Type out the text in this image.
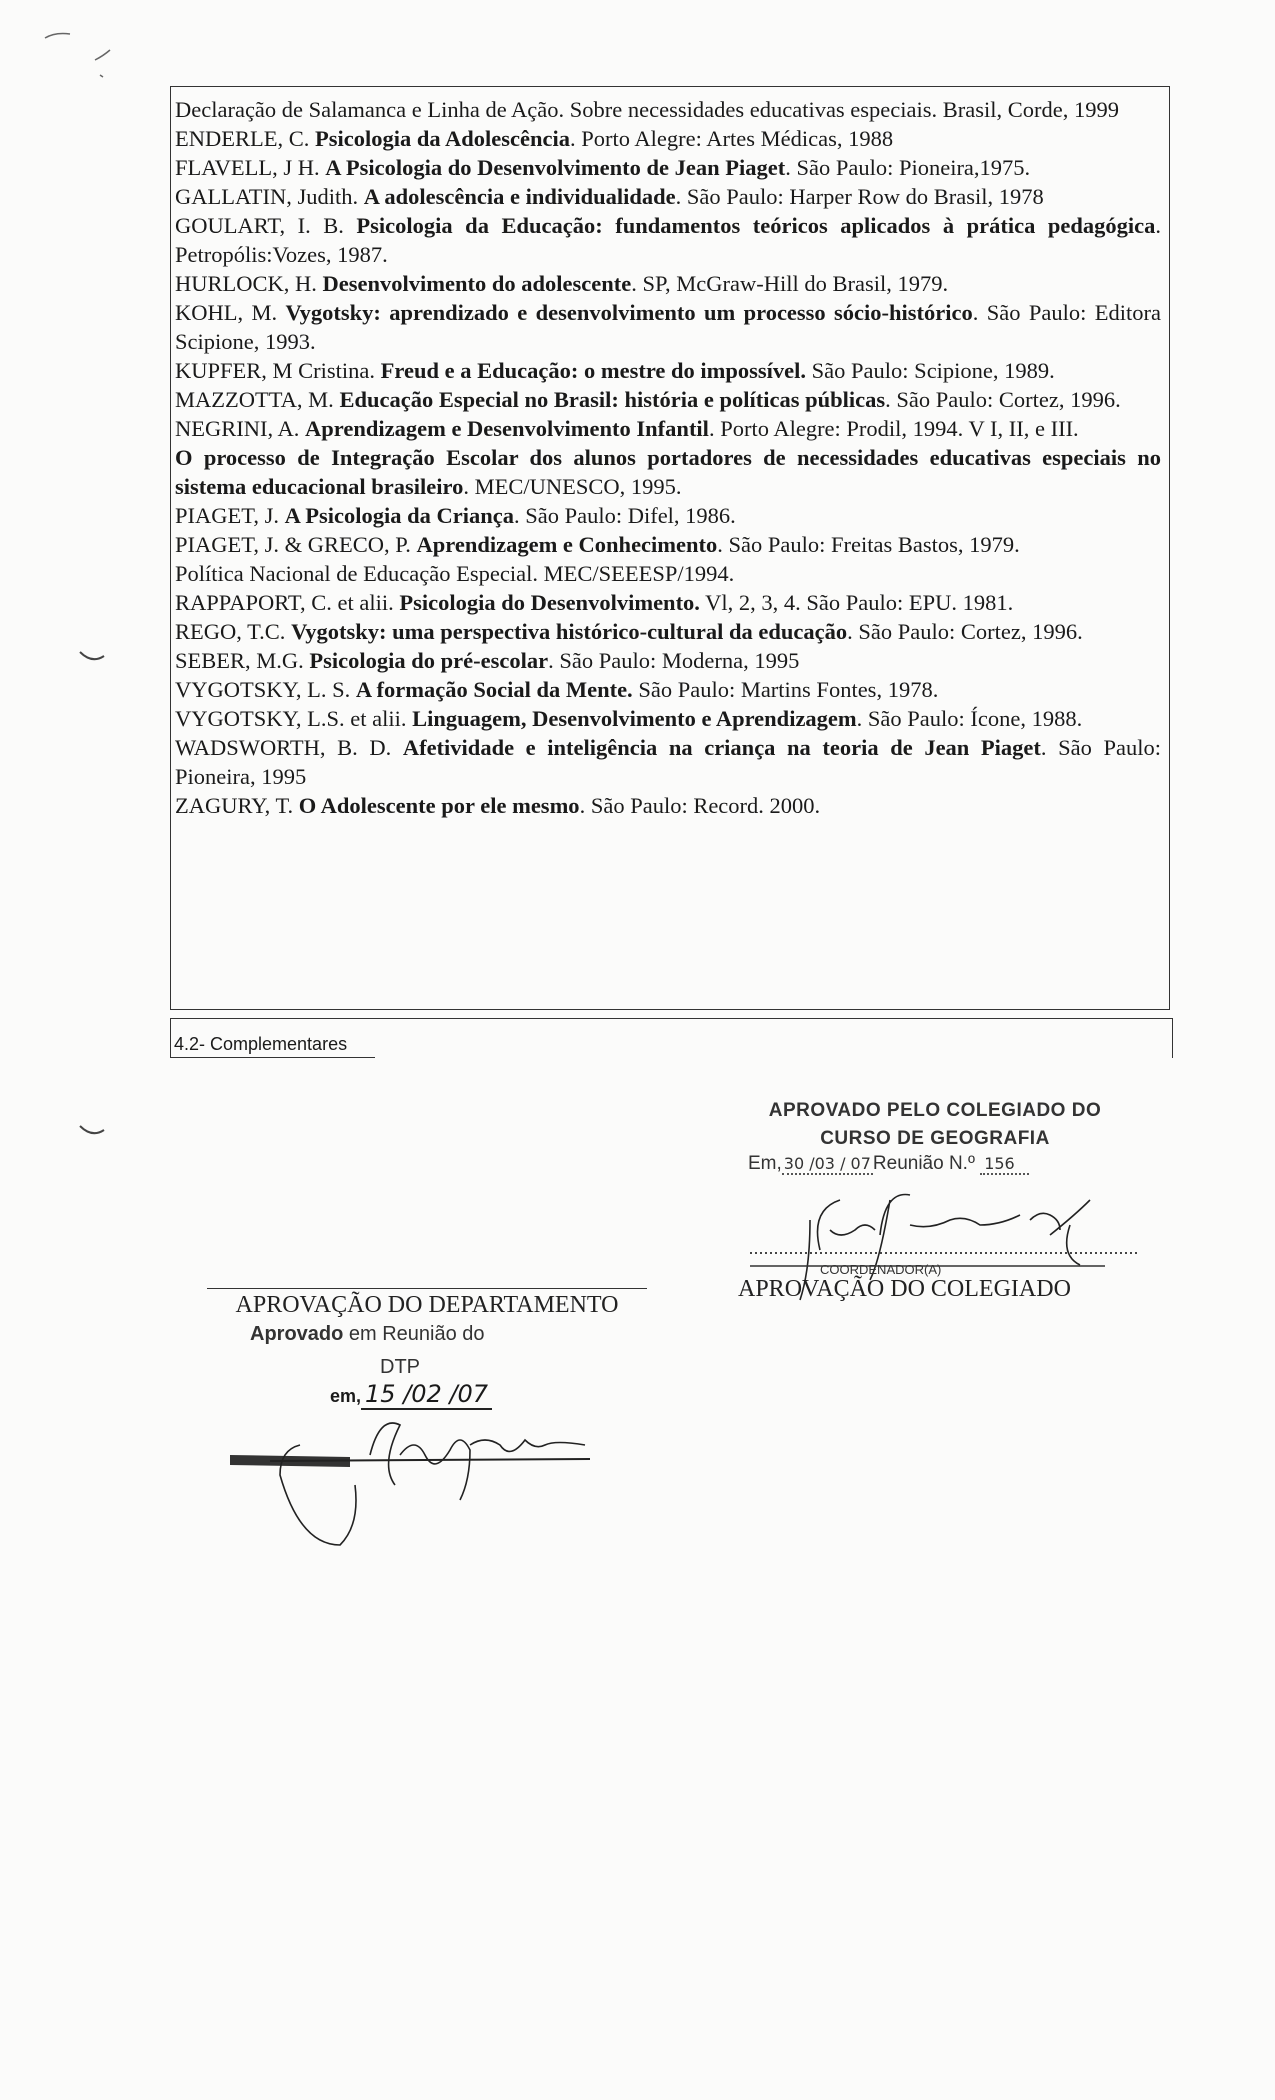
Declaração de Salamanca e Linha de Ação. Sobre necessidades educativas especiais. Brasil, Corde, 1999

ENDERLE, C. Psicologia da Adolescência. Porto Alegre: Artes Médicas, 1988

FLAVELL, J H. A Psicologia do Desenvolvimento de Jean Piaget. São Paulo: Pioneira,1975.

GALLATIN, Judith. A adolescência e individualidade. São Paulo: Harper Row do Brasil, 1978

GOULART, I. B. Psicologia da Educação: fundamentos teóricos aplicados à prática pedagógica. Petropólis:Vozes, 1987.

HURLOCK, H. Desenvolvimento do adolescente. SP, McGraw-Hill do Brasil, 1979.

KOHL, M. Vygotsky: aprendizado e desenvolvimento um processo sócio-histórico. São Paulo: Editora Scipione, 1993.

KUPFER, M Cristina. Freud e a Educação: o mestre do impossível. São Paulo: Scipione, 1989.

MAZZOTTA, M. Educação Especial no Brasil: história e políticas públicas. São Paulo: Cortez, 1996.

NEGRINI, A. Aprendizagem e Desenvolvimento Infantil. Porto Alegre: Prodil, 1994. V I, II, e III.

O processo de Integração Escolar dos alunos portadores de necessidades educativas especiais no sistema educacional brasileiro. MEC/UNESCO, 1995.

PIAGET, J. A Psicologia da Criança. São Paulo: Difel, 1986.

PIAGET, J. & GRECO, P. Aprendizagem e Conhecimento. São Paulo: Freitas Bastos, 1979.

Política Nacional de Educação Especial. MEC/SEEESP/1994.

RAPPAPORT, C. et alii. Psicologia do Desenvolvimento. Vl, 2, 3, 4. São Paulo: EPU. 1981.

REGO, T.C. Vygotsky: uma perspectiva histórico-cultural da educação. São Paulo: Cortez, 1996.

SEBER, M.G. Psicologia do pré-escolar. São Paulo: Moderna, 1995

VYGOTSKY, L. S. A formação Social da Mente. São Paulo: Martins Fontes, 1978.

VYGOTSKY, L.S. et alii. Linguagem, Desenvolvimento e Aprendizagem. São Paulo: Ícone, 1988.

WADSWORTH, B. D. Afetividade e inteligência na criança na teoria de Jean Piaget. São Paulo: Pioneira, 1995

ZAGURY, T. O Adolescente por ele mesmo. São Paulo: Record. 2000.

4.2- Complementares
APROVADO PELO COLEGIADO DO
CURSO DE GEOGRAFIA
Em, 30 /03 / 07 Reunião N.º 156
COORDENADOR(A)
APROVAÇÃO DO COLEGIADO
APROVAÇÃO DO DEPARTAMENTO
Aprovado em Reunião do
DTP
em, 15 /02 /07
